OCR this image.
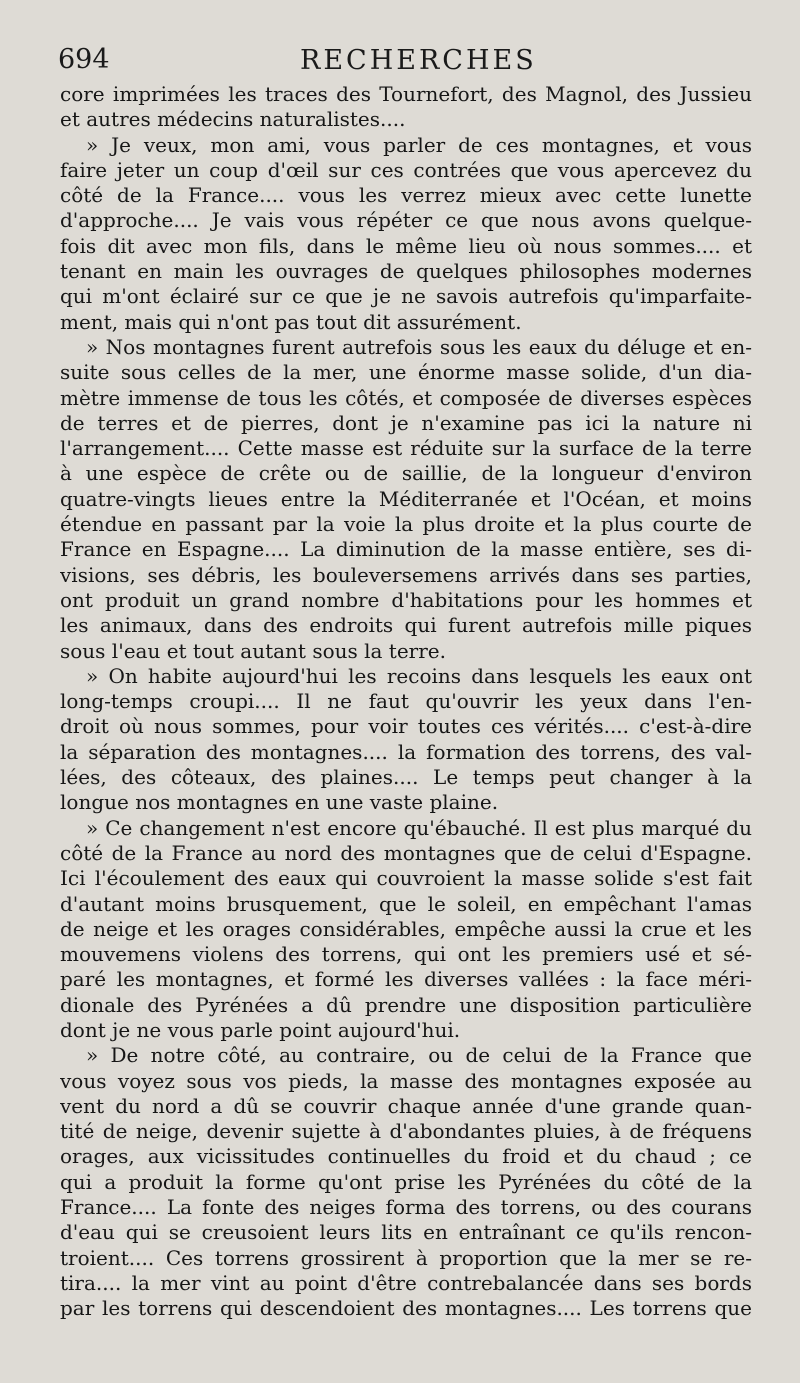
694	RECHERCHES
core imprimées les traces des Tournefort, des Magnol, des Jussieu
et autres médecins naturalistes....
» Je veux, mon ami, vous parler de ces montagnes, et vous
faire jeter un coup d'œil sur ces contrées que vous apercevez du
côté de la France.... vous les verrez mieux avec cette lunette
d'approche.... Je vais vous répéter ce que nous avons quelque-
fois dit avec mon fils, dans le même lieu où nous sommes.... et
tenant en main les ouvrages de quelques philosophes modernes
qui m'ont éclairé sur ce que je ne savois autrefois qu'imparfaite-
ment, mais qui n'ont pas tout dit assurément.
» Nos montagnes furent autrefois sous les eaux du déluge et en-
suite sous celles de la mer, une énorme masse solide, d'un dia-
mètre immense de tous les côtés, et composée de diverses espèces
de terres et de pierres, dont je n'examine pas ici la nature ni
l'arrangement.... Cette masse est réduite sur la surface de la terre
à une espèce de crête ou de saillie, de la longueur d'environ
quatre-vingts lieues entre la Méditerranée et l'Océan, et moins
étendue en passant par la voie la plus droite et la plus courte de
France en Espagne.... La diminution de la masse entière, ses di-
visions, ses débris, les bouleversemens arrivés dans ses parties,
ont produit un grand nombre d'habitations pour les hommes et
les animaux, dans des endroits qui furent autrefois mille piques
sous l'eau et tout autant sous la terre.
» On habite aujourd'hui les recoins dans lesquels les eaux ont
long-temps croupi.... Il ne faut qu'ouvrir les yeux dans l'en-
droit où nous sommes, pour voir toutes ces vérités.... c'est-à-dire
la séparation des montagnes.... la formation des torrens, des val-
lées, des côteaux, des plaines.... Le temps peut changer à la
longue nos montagnes en une vaste plaine.
» Ce changement n'est encore qu'ébauché. Il est plus marqué du
côté de la France au nord des montagnes que de celui d'Espagne.
Ici l'écoulement des eaux qui couvroient la masse solide s'est fait
d'autant moins brusquement, que le soleil, en empêchant l'amas
de neige et les orages considérables, empêche aussi la crue et les
mouvemens violens des torrens, qui ont les premiers usé et sé-
paré les montagnes, et formé les diverses vallées : la face méri-
dionale des Pyrénées a dû prendre une disposition particulière
dont je ne vous parle point aujourd'hui.
» De notre côté, au contraire, ou de celui de la France que
vous voyez sous vos pieds, la masse des montagnes exposée au
vent du nord a dû se couvrir chaque année d'une grande quan-
tité de neige, devenir sujette à d'abondantes pluies, à de fréquens
orages, aux vicissitudes continuelles du froid et du chaud ; ce
qui a produit la forme qu'ont prise les Pyrénées du côté de la
France.... La fonte des neiges forma des torrens, ou des courans
d'eau qui se creusoient leurs lits en entraînant ce qu'ils rencon-
troient.... Ces torrens grossirent à proportion que la mer se re-
tira.... la mer vint au point d'être contrebalancée dans ses bords
par les torrens qui descendoient des montagnes.... Les torrens que
